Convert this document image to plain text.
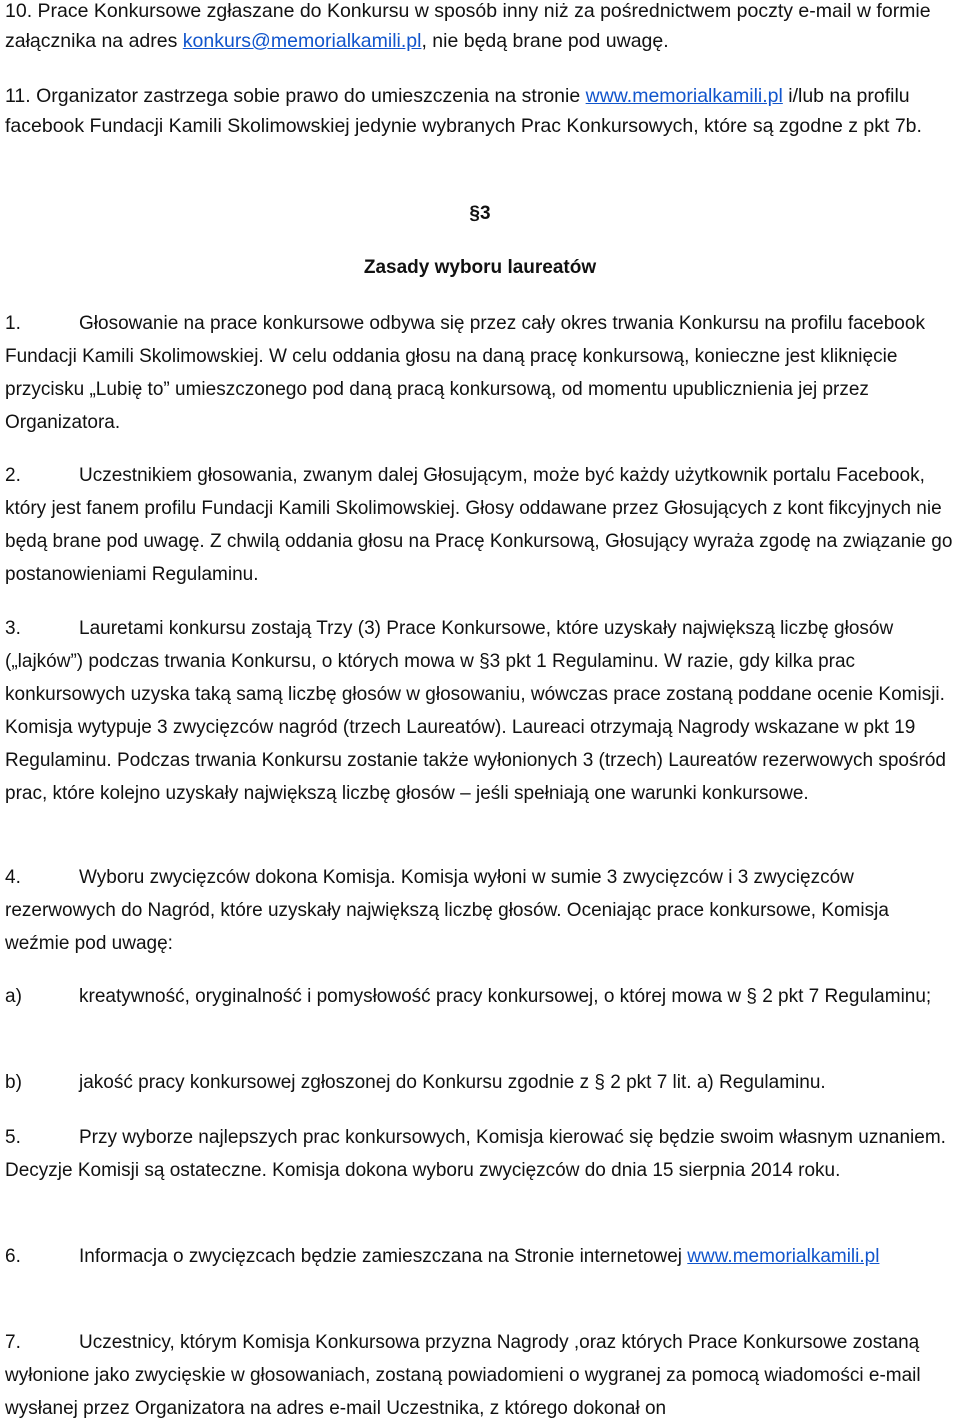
10. Prace Konkursowe zgłaszane do Konkursu w sposób inny niż za pośrednictwem poczty e-mail w formie załącznika na adres konkurs@memorialkamili.pl, nie będą brane pod uwagę.

11. Organizator zastrzega sobie prawo do umieszczenia na stronie www.memorialkamili.pl i/lub na profilu facebook Fundacji Kamili Skolimowskiej jedynie wybranych Prac Konkursowych, które są zgodne z pkt 7b.

§3
Zasady wyboru laureatów

1.	Głosowanie na prace konkursowe odbywa się przez cały okres trwania Konkursu na profilu facebook Fundacji Kamili Skolimowskiej. W celu oddania głosu na daną pracę konkursową, konieczne jest kliknięcie przycisku „Lubię to” umieszczonego pod daną pracą konkursową, od momentu upublicznienia jej przez Organizatora.

2.	Uczestnikiem głosowania, zwanym dalej Głosującym, może być każdy użytkownik portalu Facebook, który jest fanem profilu Fundacji Kamili Skolimowskiej. Głosy oddawane przez Głosujących z kont fikcyjnych nie będą brane pod uwagę. Z chwilą oddania głosu na Pracę Konkursową, Głosujący wyraża zgodę na związanie go postanowieniami Regulaminu.

3.	Lauretami konkursu zostają Trzy (3) Prace Konkursowe, które uzyskały największą liczbę głosów („lajków”) podczas trwania Konkursu, o których mowa w §3 pkt 1 Regulaminu. W razie, gdy kilka prac konkursowych uzyska taką samą liczbę głosów w głosowaniu, wówczas prace zostaną poddane ocenie Komisji. Komisja wytypuje 3 zwycięzców nagród (trzech Laureatów). Laureaci otrzymają Nagrody wskazane w pkt 19 Regulaminu. Podczas trwania Konkursu zostanie także wyłonionych 3 (trzech) Laureatów rezerwowych spośród prac, które kolejno uzyskały największą liczbę głosów – jeśli spełniają one warunki konkursowe.

4.	Wyboru zwycięzców dokona Komisja. Komisja wyłoni w sumie 3 zwycięzców i 3 zwycięzców rezerwowych do Nagród, które uzyskały największą liczbę głosów. Oceniając prace konkursowe, Komisja weźmie pod uwagę:

a)	kreatywność, oryginalność i pomysłowość pracy konkursowej, o której mowa w § 2 pkt 7 Regulaminu;

b)	jakość pracy konkursowej zgłoszonej do Konkursu zgodnie z § 2 pkt 7 lit. a) Regulaminu.

5.	Przy wyborze najlepszych prac konkursowych, Komisja kierować się będzie swoim własnym uznaniem. Decyzje Komisji są ostateczne. Komisja dokona wyboru zwycięzców do dnia 15 sierpnia 2014 roku.

6.	Informacja o zwycięzcach będzie zamieszczana na Stronie internetowej www.memorialkamili.pl

7.	Uczestnicy, którym Komisja Konkursowa przyzna Nagrody ,oraz których Prace Konkursowe zostaną wyłonione jako zwycięskie w głosowaniach, zostaną powiadomieni o wygranej za pomocą wiadomości e-mail wysłanej przez Organizatora na adres e-mail Uczestnika, z którego dokonał on
